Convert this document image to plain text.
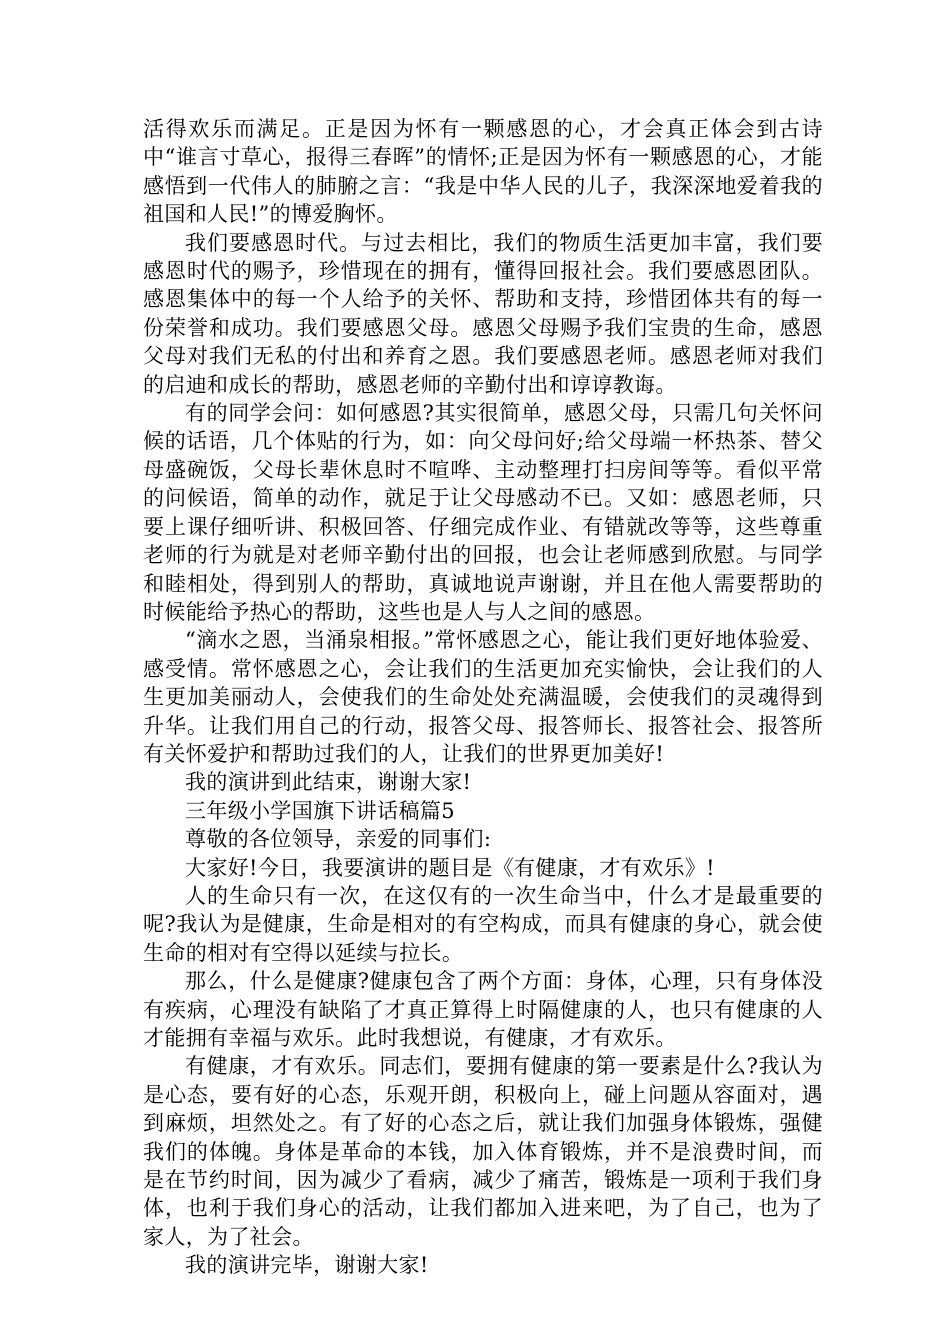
活得欢乐而满足。正是因为怀有一颗感恩的心，才会真正体会到古诗中“谁言寸草心，报得三春晖”的情怀;正是因为怀有一颗感恩的心，才能感悟到一代伟人的肺腑之言：“我是中华人民的儿子，我深深地爱着我的祖国和人民!”的博爱胸怀。

我们要感恩时代。与过去相比，我们的物质生活更加丰富，我们要感恩时代的赐予，珍惜现在的拥有，懂得回报社会。我们要感恩团队。感恩集体中的每一个人给予的关怀、帮助和支持，珍惜团体共有的每一份荣誉和成功。我们要感恩父母。感恩父母赐予我们宝贵的生命，感恩父母对我们无私的付出和养育之恩。我们要感恩老师。感恩老师对我们的启迪和成长的帮助，感恩老师的辛勤付出和谆谆教诲。

有的同学会问：如何感恩?其实很简单，感恩父母，只需几句关怀问候的话语，几个体贴的行为，如：向父母问好;给父母端一杯热茶、替父母盛碗饭，父母长辈休息时不喧哗、主动整理打扫房间等等。看似平常的问候语，简单的动作，就足于让父母感动不已。又如：感恩老师，只要上课仔细听讲、积极回答、仔细完成作业、有错就改等等，这些尊重老师的行为就是对老师辛勤付出的回报，也会让老师感到欣慰。与同学和睦相处，得到别人的帮助，真诚地说声谢谢，并且在他人需要帮助的时候能给予热心的帮助，这些也是人与人之间的感恩。

“滴水之恩，当涌泉相报。”常怀感恩之心，能让我们更好地体验爱、感受情。常怀感恩之心，会让我们的生活更加充实愉快，会让我们的人生更加美丽动人，会使我们的生命处处充满温暖，会使我们的灵魂得到升华。让我们用自己的行动，报答父母、报答师长、报答社会、报答所有关怀爱护和帮助过我们的人，让我们的世界更加美好!

我的演讲到此结束，谢谢大家!

三年级小学国旗下讲话稿篇5

尊敬的各位领导，亲爱的同事们:

大家好!今日，我要演讲的题目是《有健康，才有欢乐》!

人的生命只有一次，在这仅有的一次生命当中，什么才是最重要的呢?我认为是健康，生命是相对的有空构成，而具有健康的身心，就会使生命的相对有空得以延续与拉长。

那么，什么是健康?健康包含了两个方面：身体，心理，只有身体没有疾病，心理没有缺陷了才真正算得上时隔健康的人，也只有健康的人才能拥有幸福与欢乐。此时我想说，有健康，才有欢乐。

有健康，才有欢乐。同志们，要拥有健康的第一要素是什么?我认为是心态，要有好的心态，乐观开朗，积极向上，碰上问题从容面对，遇到麻烦，坦然处之。有了好的心态之后，就让我们加强身体锻炼，强健我们的体魄。身体是革命的本钱，加入体育锻炼，并不是浪费时间，而是在节约时间，因为减少了看病，减少了痛苦，锻炼是一项利于我们身体，也利于我们身心的活动，让我们都加入进来吧，为了自己，也为了家人，为了社会。

我的演讲完毕，谢谢大家!
